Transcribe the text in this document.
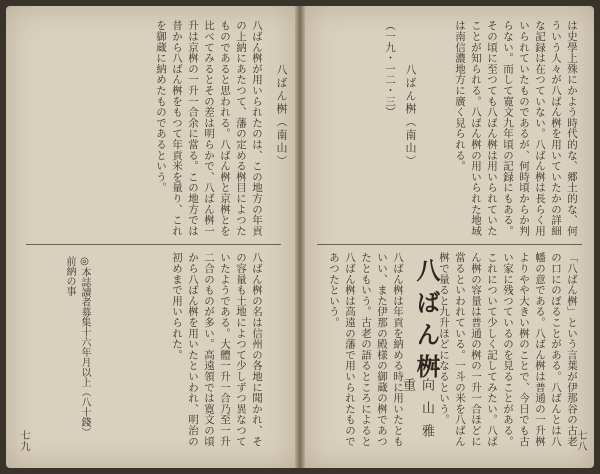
八ばん桝（南山）
八ばん桝が用いられたのは、この地方の年貢の上納にあたつて、藩の定める桝目によつたものであると思われる。八ばん桝と京桝とを比べてみるとその差は明らかで、八ばん桝一升は京桝の一升一合余に當る。この地方では昔から八ばん桝をもつて年貢米を量り、これを御蔵に納めたものであるという。
八ばん桝の名は信州の各地に聞かれ、その容量も土地によつて少しずつ異なつていたようである。大體一升一合乃至一升二合のものが多い。高遠領では寛文の頃から八ばん桝を用いたといわれ、明治の初めまで用いられた。
◎本誌讀者募集十六年月以上（八十錢）前納の事
七九
は史學上殊にかよう時代的な、郷土的な、何ういう人々が八ばん桝を用いていたかの詳細な記録は在つていない。八ばん桝は長らく用いられていたものであるが、何時頃からか判らない。而して寛文九年頃の記録にもある。その頃に至つても八ばん桝は用いられていたことが知られる。八ばん桝の用いられた地域は南信濃地方に廣く見られる。
八ばん桝（南山）
（一九・一二・三）
「八ばん桝」という言葉が伊那谷の古老の口にのぼることがある。八ばんとは八幡の意である。八ばん桝は普通の一升桝よりやや大きい桝のことで、今日でも古い家に残つているのを見ることがある。これについて少しく記してみたい。八ばん桝の容量は普通の桝の一升一合ほどに當るといわれている。一斗の米を八ばん桝で量ると九升ほどになるという。
八ばん桝
向山雅重
八ばん桝は年貢を納める時に用いたともいい、また伊那の殿様の御蔵の桝であつたともいう。古老の語るところによると八ばん桝は高遠の藩で用いられたものであつたという。
七八
